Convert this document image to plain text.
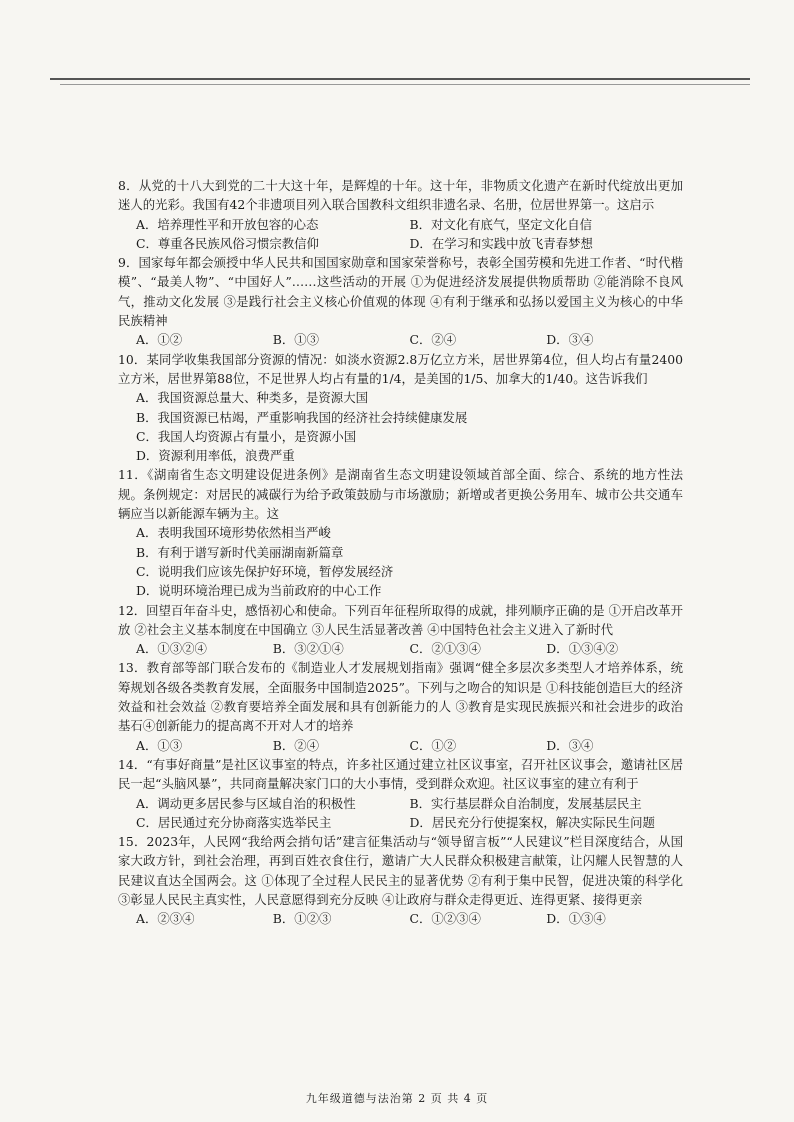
8．从党的十八大到党的二十大这十年，是辉煌的十年。这十年，非物质文化遗产在新时代绽放出更加迷人的光彩。我国有42个非遗项目列入联合国教科文组织非遗名录、名册，位居世界第一。这启示

A．培养理性平和开放包容的心态	B．对文化有底气，坚定文化自信
C．尊重各民族风俗习惯宗教信仰	D．在学习和实践中放飞青春梦想

9．国家每年都会颁授中华人民共和国国家勋章和国家荣誉称号，表彰全国劳模和先进工作者、“时代楷模”、“最美人物”、“中国好人”……这些活动的开展 ①为促进经济发展提供物质帮助 ②能消除不良风气，推动文化发展 ③是践行社会主义核心价值观的体现 ④有利于继承和弘扬以爱国主义为核心的中华民族精神

A．①②	B．①③	C．②④	D．③④

10．某同学收集我国部分资源的情况：如淡水资源2.8万亿立方米，居世界第4位，但人均占有量2400立方米，居世界第88位，不足世界人均占有量的1/4，是美国的1/5、加拿大的1/40。这告诉我们

A．我国资源总量大、种类多，是资源大国
B．我国资源已枯竭，严重影响我国的经济社会持续健康发展
C．我国人均资源占有量小，是资源小国
D．资源利用率低，浪费严重

11．《湖南省生态文明建设促进条例》是湖南省生态文明建设领域首部全面、综合、系统的地方性法规。条例规定：对居民的减碳行为给予政策鼓励与市场激励；新增或者更换公务用车、城市公共交通车辆应当以新能源车辆为主。这

A．表明我国环境形势依然相当严峻
B．有利于谱写新时代美丽湖南新篇章
C．说明我们应该先保护好环境，暂停发展经济
D．说明环境治理已成为当前政府的中心工作

12．回望百年奋斗史，感悟初心和使命。下列百年征程所取得的成就，排列顺序正确的是 ①开启改革开放 ②社会主义基本制度在中国确立 ③人民生活显著改善 ④中国特色社会主义进入了新时代

A．①③②④	B．③②①④	C．②①③④	D．①③④②

13．教育部等部门联合发布的《制造业人才发展规划指南》强调“健全多层次多类型人才培养体系，统筹规划各级各类教育发展，全面服务中国制造2025”。下列与之吻合的知识是 ①科技能创造巨大的经济效益和社会效益 ②教育要培养全面发展和具有创新能力的人 ③教育是实现民族振兴和社会进步的政治基石④创新能力的提高离不开对人才的培养

A．①③	B．②④	C．①②	D．③④

14．“有事好商量”是社区议事室的特点，许多社区通过建立社区议事室，召开社区议事会，邀请社区居民一起“头脑风暴”，共同商量解决家门口的大小事情，受到群众欢迎。社区议事室的建立有利于

A．调动更多居民参与区域自治的积极性	B．实行基层群众自治制度，发展基层民主
C．居民通过充分协商落实选举民主	D．居民充分行使提案权，解决实际民生问题

15．2023年，人民网“我给两会捎句话”建言征集活动与“领导留言板”“人民建议”栏目深度结合，从国家大政方针，到社会治理，再到百姓衣食住行，邀请广大人民群众积极建言献策，让闪耀人民智慧的人民建议直达全国两会。这 ①体现了全过程人民民主的显著优势 ②有利于集中民智，促进决策的科学化 ③彰显人民民主真实性，人民意愿得到充分反映 ④让政府与群众走得更近、连得更紧、接得更亲

A．②③④	B．①②③	C．①②③④	D．①③④
九年级道德与法治第 2 页 共 4 页
